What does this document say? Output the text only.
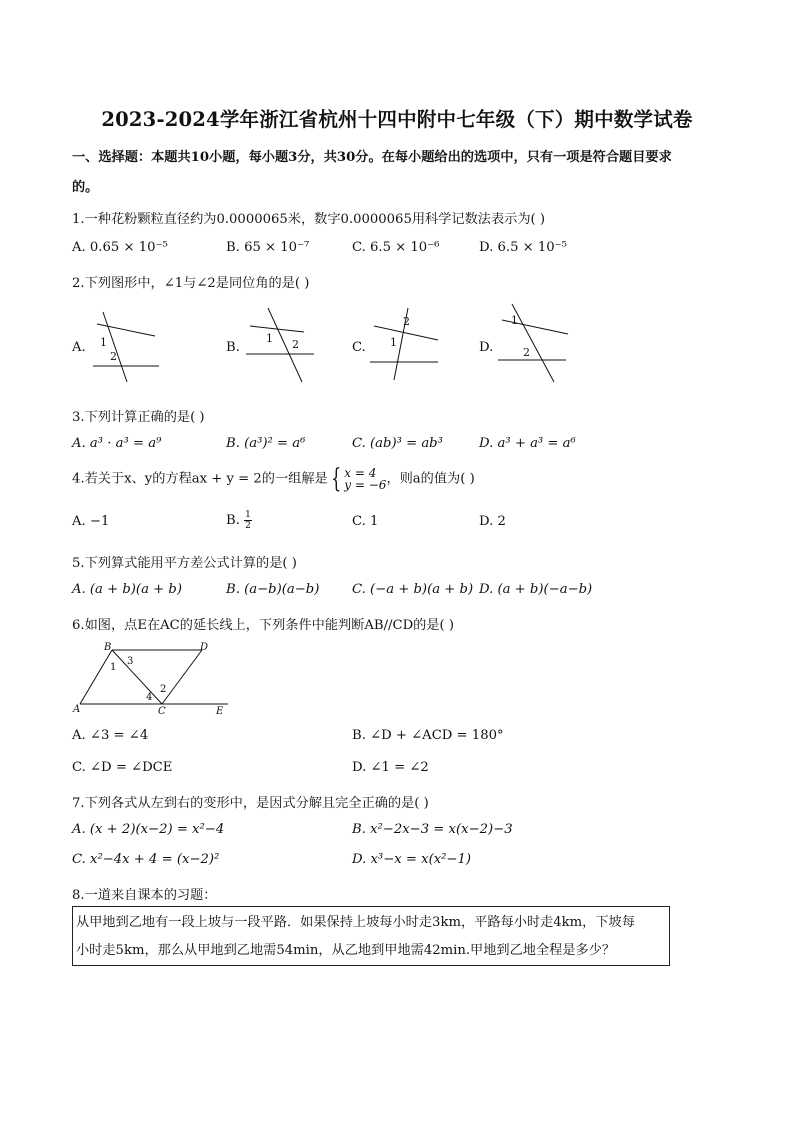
2023-2024学年浙江省杭州十四中附中七年级（下）期中数学试卷
一、选择题：本题共10小题，每小题3分，共30分。在每小题给出的选项中，只有一项是符合题目要求
的。
1.一种花粉颗粒直径约为0.0000065米，数字0.0000065用科学记数法表示为( )
A. 0.65 × 10⁻⁵	B. 65 × 10⁻⁷	C. 6.5 × 10⁻⁶	D. 6.5 × 10⁻⁵
2.下列图形中，∠1与∠2是同位角的是( )
A.	B.	C.	D.
1
2
1 2
2
1
1
2
3.下列计算正确的是( )
A. a³ · a³ = a⁹	B. (a³)² = a⁶	C. (ab)³ = ab³	D. a³ + a³ = a⁶
4.若关于x、y的方程ax + y = 2的一组解是 { x = 4
y = −6 ，则a的值为( )
A. −1	B. $\frac{1}{2}$	C. 1	D. 2
5.下列算式能用平方差公式计算的是( )
A. (a + b)(a + b)	B. (a−b)(a−b) C. (−a + b)(a + b) D. (a + b)(−a−b)
6.如图，点E在AC的延长线上，下列条件中能判断AB//CD的是( )
B	D
A	C	E
1
3
2
4
A. ∠3 = ∠4	B. ∠D + ∠ACD = 180°
C. ∠D = ∠DCE	D. ∠1 = ∠2
7.下列各式从左到右的变形中，是因式分解且完全正确的是( )
A. (x + 2)(x−2) = x²−4	B. x²−2x−3 = x(x−2)−3
C. x²−4x + 4 = (x−2)²	D. x³−x = x(x²−1)
8.一道来自课本的习题：
从甲地到乙地有一段上坡与一段平路．如果保持上坡每小时走3km，平路每小时走4km，下坡每
小时走5km，那么从甲地到乙地需54min，从乙地到甲地需42min.甲地到乙地全程是多少？
